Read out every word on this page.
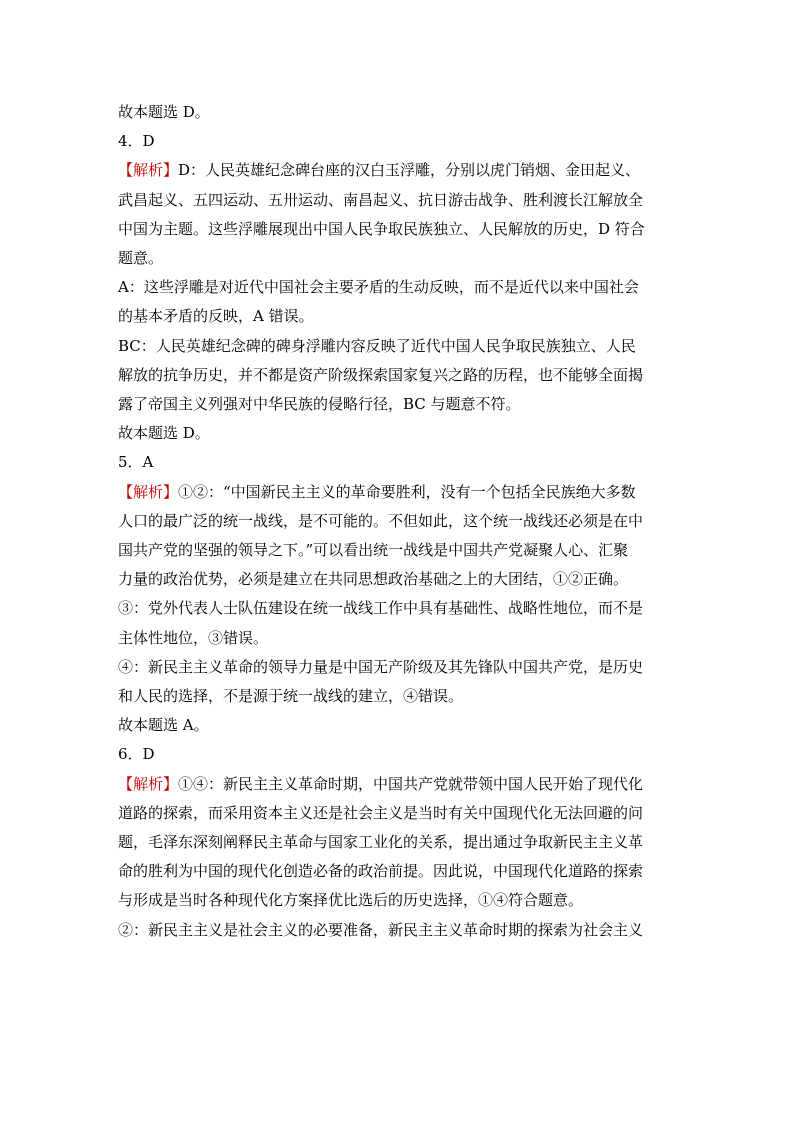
故本题选 D。

4．D

【解析】D：人民英雄纪念碑台座的汉白玉浮雕，分别以虎门销烟、金田起义、

武昌起义、五四运动、五卅运动、南昌起义、抗日游击战争、胜利渡长江解放全

中国为主题。这些浮雕展现出中国人民争取民族独立、人民解放的历史，D 符合

题意。

A：这些浮雕是对近代中国社会主要矛盾的生动反映，而不是近代以来中国社会

的基本矛盾的反映，A 错误。

BC：人民英雄纪念碑的碑身浮雕内容反映了近代中国人民争取民族独立、人民

解放的抗争历史，并不都是资产阶级探索国家复兴之路的历程，也不能够全面揭

露了帝国主义列强对中华民族的侵略行径，BC 与题意不符。

故本题选 D。

5．A

【解析】①②：“中国新民主主义的革命要胜利，没有一个包括全民族绝大多数

人口的最广泛的统一战线，是不可能的。不但如此，这个统一战线还必须是在中

国共产党的坚强的领导之下。”可以看出统一战线是中国共产党凝聚人心、汇聚

力量的政治优势，必须是建立在共同思想政治基础之上的大团结，①②正确。

③：党外代表人士队伍建设在统一战线工作中具有基础性、战略性地位，而不是

主体性地位，③错误。

④：新民主主义革命的领导力量是中国无产阶级及其先锋队中国共产党，是历史

和人民的选择，不是源于统一战线的建立，④错误。

故本题选 A。

6．D

【解析】①④：新民主主义革命时期，中国共产党就带领中国人民开始了现代化

道路的探索，而采用资本主义还是社会主义是当时有关中国现代化无法回避的问

题，毛泽东深刻阐释民主革命与国家工业化的关系，提出通过争取新民主主义革

命的胜利为中国的现代化创造必备的政治前提。因此说，中国现代化道路的探索

与形成是当时各种现代化方案择优比选后的历史选择，①④符合题意。

②：新民主主义是社会主义的必要准备，新民主主义革命时期的探索为社会主义
